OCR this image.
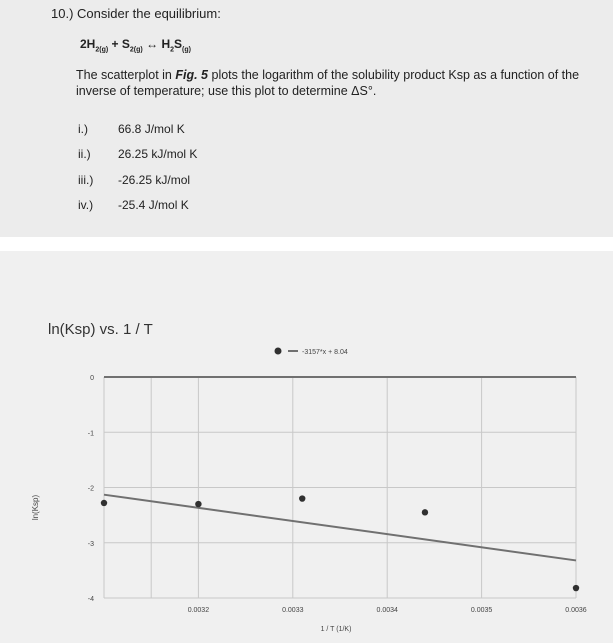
10.) Consider the equilibrium:
$2H_{2(g)} + S_{2(g)}$ ↔ $H_2S_{(g)}$
The scatterplot in Fig. 5 plots the logarithm of the solubility product Ksp as a function of the inverse of temperature; use this plot to determine ΔS°.
i.)	66.8 J/mol K
ii.) 26.25 kJ/mol K
iii.) -26.25 kJ/mol
iv.) -25.4 J/mol K
ln(Ksp) vs. 1 / T
0
-1
-2
-3
-4
0.0032	0.0033	0.0034	0.0035	0.0036
1 / T (1/K)
ln(Ksp)
-3157*x + 8.04
